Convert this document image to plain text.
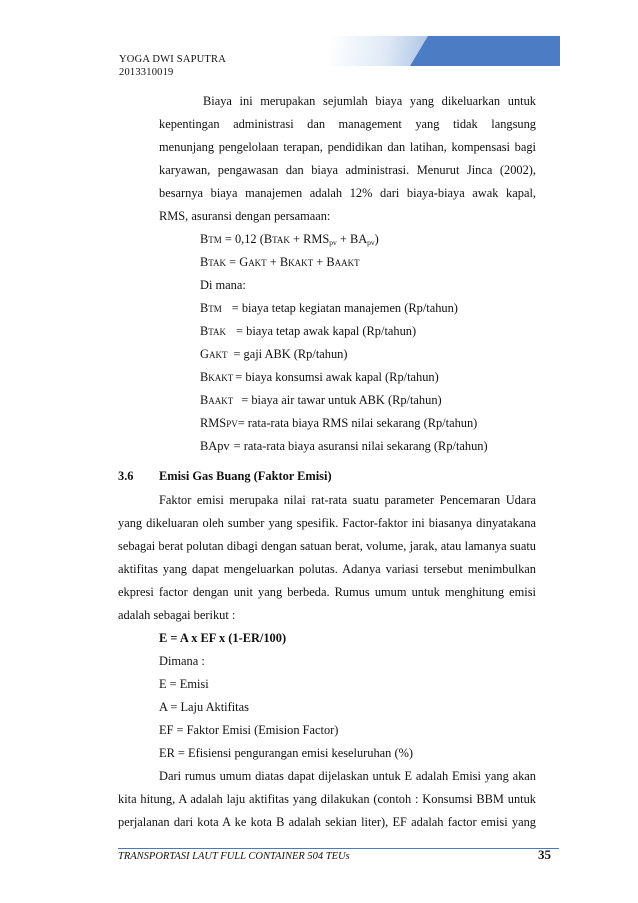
YOGA DWI SAPUTRA
2013310019
Biaya ini merupakan sejumlah biaya yang dikeluarkan untuk
kepentingan administrasi dan management yang tidak langsung
menunjang pengelolaan terapan, pendidikan dan latihan, kompensasi bagi
karyawan, pengawasan dan biaya administrasi. Menurut Jinca (2002),
besarnya biaya manajemen adalah 12% dari biaya-biaya awak kapal,
RMS, asuransi dengan persamaan:
BTM = 0,12 (BTAK + $RMS_{pv} + BA_{pv}$)
BTAK = GAKT + BKAKT + BAAKT
Di mana:
BTM = biaya tetap kegiatan manajemen (Rp/tahun)
BTAK = biaya tetap awak kapal (Rp/tahun)
GAKT = gaji ABK (Rp/tahun)
BKAKT = biaya konsumsi awak kapal (Rp/tahun)
BAAKT = biaya air tawar untuk ABK (Rp/tahun)
RMSPV= rata-rata biaya RMS nilai sekarang (Rp/tahun)
BApv = rata-rata biaya asuransi nilai sekarang (Rp/tahun)
3.6 Emisi Gas Buang (Faktor Emisi)
Faktor emisi merupaka nilai rat-rata suatu parameter Pencemaran Udara
yang dikeluaran oleh sumber yang spesifik. Factor-faktor ini biasanya dinyatakana
sebagai berat polutan dibagi dengan satuan berat, volume, jarak, atau lamanya suatu
aktifitas yang dapat mengeluarkan polutas. Adanya variasi tersebut menimbulkan
ekpresi factor dengan unit yang berbeda. Rumus umum untuk menghitung emisi
adalah sebagai berikut :
E = A x EF x (1-ER/100)
Dimana :
E = Emisi
A = Laju Aktifitas
EF = Faktor Emisi (Emision Factor)
ER = Efisiensi pengurangan emisi keseluruhan (%)
Dari rumus umum diatas dapat dijelaskan untuk E adalah Emisi yang akan
kita hitung, A adalah laju aktifitas yang dilakukan (contoh : Konsumsi BBM untuk
perjalanan dari kota A ke kota B adalah sekian liter), EF adalah factor emisi yang
TRANSPORTASI LAUT FULL CONTAINER 504 TEUs	35
